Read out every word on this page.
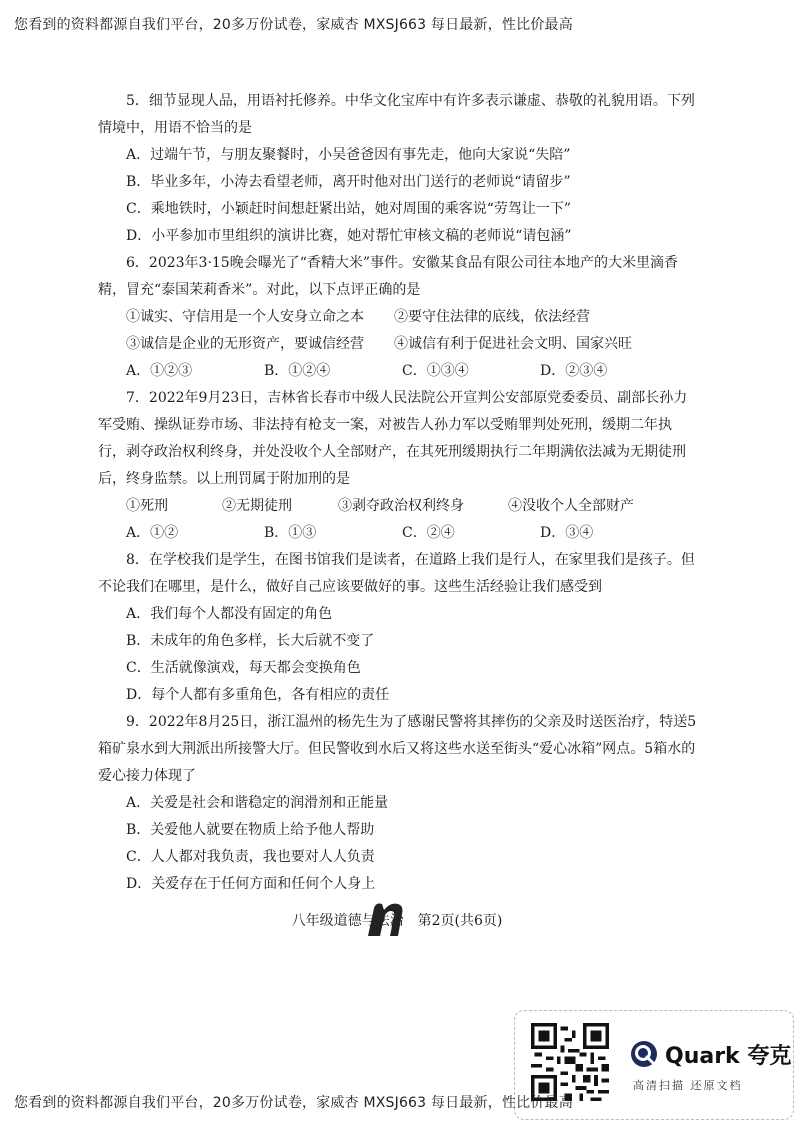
您看到的资料都源自我们平台，20多万份试卷，家威杏 MXSJ663 每日最新，性比价最高

5．细节显现人品，用语衬托修养。中华文化宝库中有许多表示谦虚、恭敬的礼貌用语。下列情境中，用语不恰当的是

A．过端午节，与朋友聚餐时，小吴爸爸因有事先走，他向大家说“失陪”

B．毕业多年，小涛去看望老师，离开时他对出门送行的老师说“请留步”

C．乘地铁时，小颖赶时间想赶紧出站，她对周围的乘客说“劳驾让一下”

D．小平参加市里组织的演讲比赛，她对帮忙审核文稿的老师说“请包涵”

6．2023年3·15晚会曝光了“香精大米”事件。安徽某食品有限公司往本地产的大米里滴香精，冒充“泰国茉莉香米”。对此，以下点评正确的是

①诚实、守信用是一个人安身立命之本	②要守住法律的底线，依法经营
③诚信是企业的无形资产，要诚信经营	④诚信有利于促进社会文明、国家兴旺
A．①②③	B．①②④	C．①③④	D．②③④

7．2022年9月23日，吉林省长春市中级人民法院公开宣判公安部原党委委员、副部长孙力军受贿、操纵证券市场、非法持有枪支一案，对被告人孙力军以受贿罪判处死刑，缓期二年执行，剥夺政治权利终身，并处没收个人全部财产，在其死刑缓期执行二年期满依法减为无期徒刑后，终身监禁。以上刑罚属于附加刑的是

①死刑	②无期徒刑	③剥夺政治权利终身	④没收个人全部财产
A．①②	B．①③	C．②④	D．③④

8．在学校我们是学生，在图书馆我们是读者，在道路上我们是行人，在家里我们是孩子。但不论我们在哪里，是什么，做好自己应该要做好的事。这些生活经验让我们感受到

A．我们每个人都没有固定的角色

B．未成年的角色多样，长大后就不变了

C．生活就像演戏，每天都会变换角色

D．每个人都有多重角色，各有相应的责任

9．2022年8月25日，浙江温州的杨先生为了感谢民警将其摔伤的父亲及时送医治疗，特送5箱矿泉水到大荆派出所接警大厅。但民警收到水后又将这些水送至街头“爱心冰箱”网点。5箱水的爱心接力体现了

A．关爱是社会和谐稳定的润滑剂和正能量

B．关爱他人就要在物质上给予他人帮助

C．人人都对我负责，我也要对人人负责

D．关爱存在于任何方面和任何个人身上

八年级道德与法治 第2页(共6页)
Quark 夸克
高清扫描 还原文档
您看到的资料都源自我们平台，20多万份试卷，家威杏 MXSJ663 每日最新，性比价最高
